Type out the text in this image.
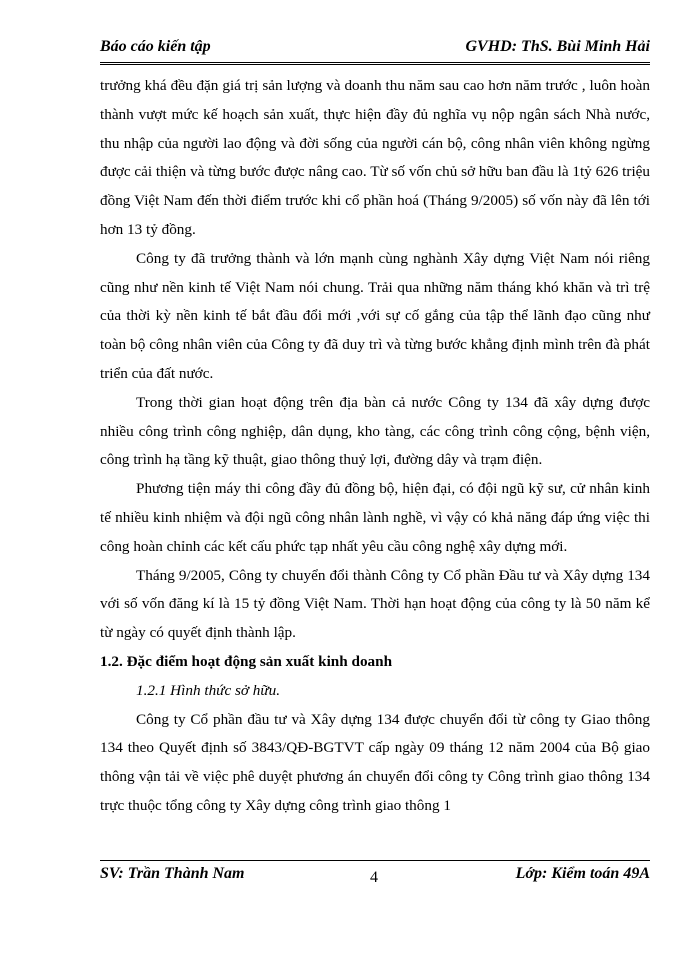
Báo cáo kiến tập	GVHD: ThS. Bùi Minh Hải

trưởng khá đều đặn giá trị sản lượng và doanh thu năm sau cao hơn năm trước , luôn hoàn thành vượt mức kế hoạch sản xuất, thực hiện đầy đủ nghĩa vụ nộp ngân sách Nhà nước, thu nhập của người lao động và đời sống của người cán bộ, công nhân viên không ngừng được cải thiện và từng bước được nâng cao. Từ số vốn chủ sở hữu ban đầu là 1tỷ 626 triệu đồng Việt Nam đến thời điểm trước khi cổ phần hoá (Tháng 9/2005) số vốn này đã lên tới hơn 13 tỷ đồng.

Công ty đã trưởng thành và lớn mạnh cùng nghành Xây dựng Việt Nam nói riêng cũng như nền kinh tế Việt Nam nói chung. Trải qua những năm tháng khó khăn và trì trệ của thời kỳ nền kinh tế bắt đầu đổi mới ,với sự cố gắng của tập thể lãnh đạo cũng như toàn bộ công nhân viên của Công ty đã duy trì và từng bước khẳng định mình trên đà phát triển của đất nước.

Trong thời gian hoạt động trên địa bàn cả nước Công ty 134 đã xây dựng được nhiều công trình công nghiệp, dân dụng, kho tàng, các công trình công cộng, bệnh viện, công trình hạ tầng kỹ thuật, giao thông thuỷ lợi, đường dây và trạm điện.

Phương tiện máy thi công đầy đủ đồng bộ, hiện đại, có đội ngũ kỹ sư, cử nhân kinh tế nhiều kinh nhiệm và đội ngũ công nhân lành nghề, vì vậy có khả năng đáp ứng việc thi công hoàn chỉnh các kết cấu phức tạp nhất yêu cầu công nghệ xây dựng mới.

Tháng 9/2005, Công ty chuyển đổi thành Công ty Cổ phần Đầu tư và Xây dựng 134 với số vốn đăng kí là 15 tỷ đồng Việt Nam. Thời hạn hoạt động của công ty là 50 năm kể từ ngày có quyết định thành lập.

1.2. Đặc điểm hoạt động sản xuất kinh doanh
1.2.1 Hình thức sở hữu.

Công ty Cổ phần đầu tư và Xây dựng 134 được chuyển đổi từ công ty Giao thông 134 theo Quyết định số 3843/QĐ-BGTVT cấp ngày 09 tháng 12 năm 2004 của Bộ giao thông vận tải về việc phê duyệt phương án chuyển đổi công ty Công trình giao thông 134 trực thuộc tổng công ty Xây dựng công trình giao thông 1

SV: Trần Thành Nam	4	Lớp: Kiểm toán 49A
